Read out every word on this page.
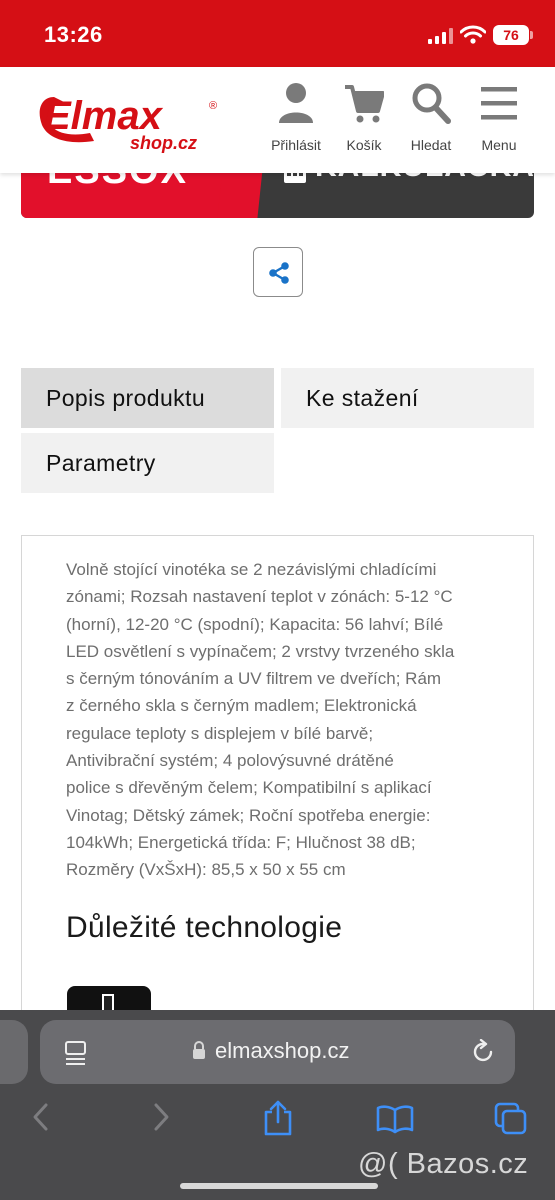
13:26	76
Elmax	®
shop.cz	Přihlásit	Košík	Hledat	Menu
Popis produktu	Ke stažení
Parametry
Volně stojící vinotéka se 2 nezávislými chladícími
zónami; Rozsah nastavení teplot v zónách: 5-12 °C
(horní), 12-20 °C (spodní); Kapacita: 56 lahví; Bílé
LED osvětlení s vypínačem; 2 vrstvy tvrzeného skla
s černým tónováním a UV filtrem ve dveřích; Rám
z černého skla s černým madlem; Elektronická
regulace teploty s displejem v bílé barvě;
Antivibrační systém; 4 polovýsuvné drátěné
police s dřevěným čelem; Kompatibilní s aplikací
Vinotag; Dětský zámek; Roční spotřeba energie:
104kWh; Energetická třída: F; Hlučnost 38 dB;
Rozměry (VxŠxH): 85,5 x 50 x 55 cm
Důležité technologie
elmaxshop.cz
@( Bazos.cz
